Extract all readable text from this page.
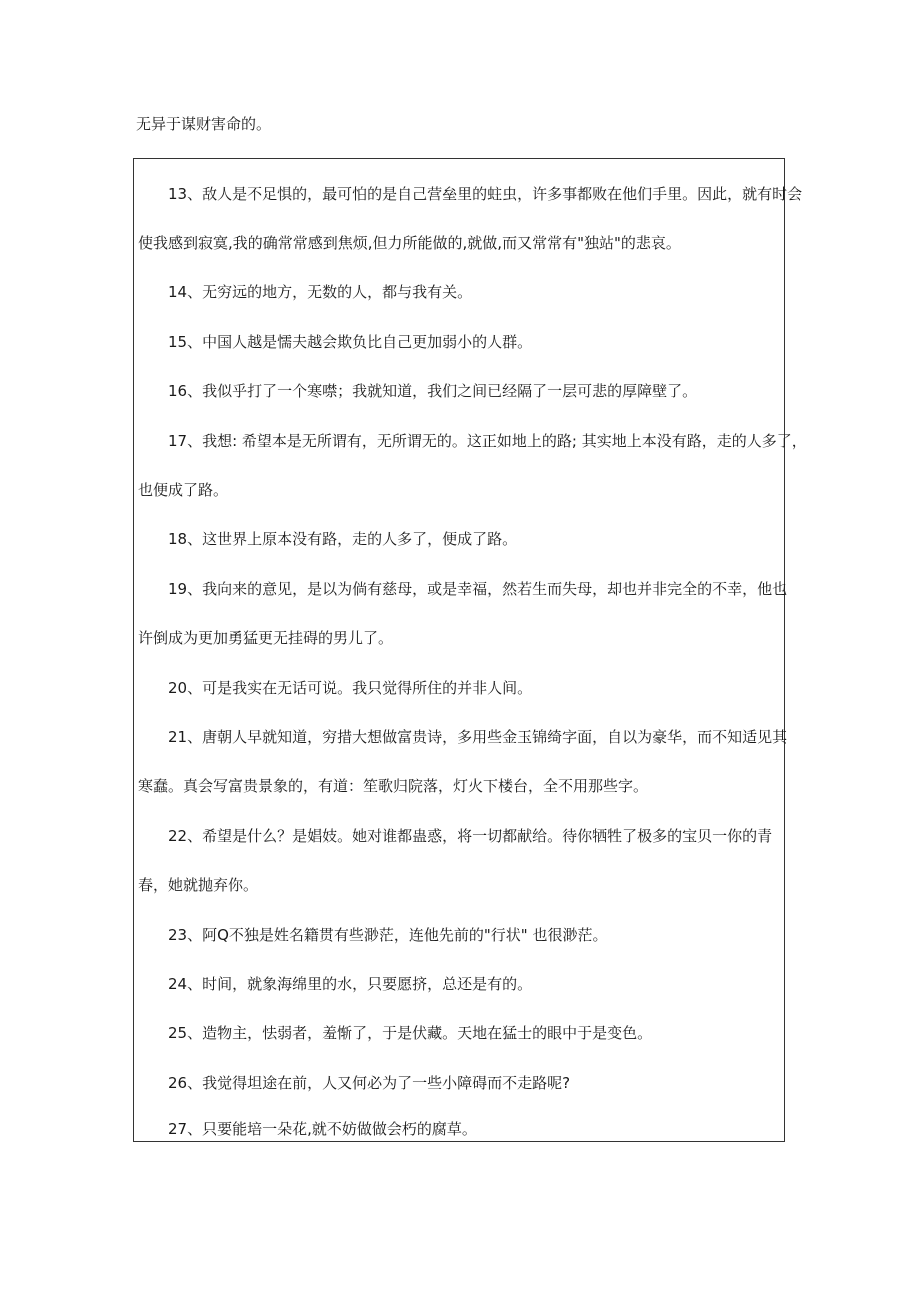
无异于谋财害命的。
13、敌人是不足惧的，最可怕的是自己营垒里的蛀虫，许多事都败在他们手里。因此，就有时会
使我感到寂寞,我的确常常感到焦烦,但力所能做的,就做,而又常常有"独站"的悲哀。
14、无穷远的地方，无数的人，都与我有关。
15、中国人越是懦夫越会欺负比自己更加弱小的人群。
16、我似乎打了一个寒噤；我就知道，我们之间已经隔了一层可悲的厚障壁了。
17、我想: 希望本是无所谓有，无所谓无的。这正如地上的路; 其实地上本没有路，走的人多了，
也便成了路。
18、这世界上原本没有路，走的人多了，便成了路。
19、我向来的意见，是以为倘有慈母，或是幸福，然若生而失母，却也并非完全的不幸，他也
许倒成为更加勇猛更无挂碍的男儿了。
20、可是我实在无话可说。我只觉得所住的并非人间。
21、唐朝人早就知道，穷措大想做富贵诗，多用些金玉锦绮字面，自以为豪华，而不知适见其
寒蠢。真会写富贵景象的，有道：笙歌归院落，灯火下楼台，全不用那些字。
22、希望是什么？是娼妓。她对谁都蛊惑，将一切都献给。待你牺牲了极多的宝贝一你的青
春，她就抛弃你。
23、阿Q不独是姓名籍贯有些渺茫，连他先前的"行状" 也很渺茫。
24、时间，就象海绵里的水，只要愿挤，总还是有的。
25、造物主，怯弱者，羞惭了，于是伏藏。天地在猛士的眼中于是变色。
26、我觉得坦途在前，人又何必为了一些小障碍而不走路呢?
27、只要能培一朵花,就不妨做做会朽的腐草。
